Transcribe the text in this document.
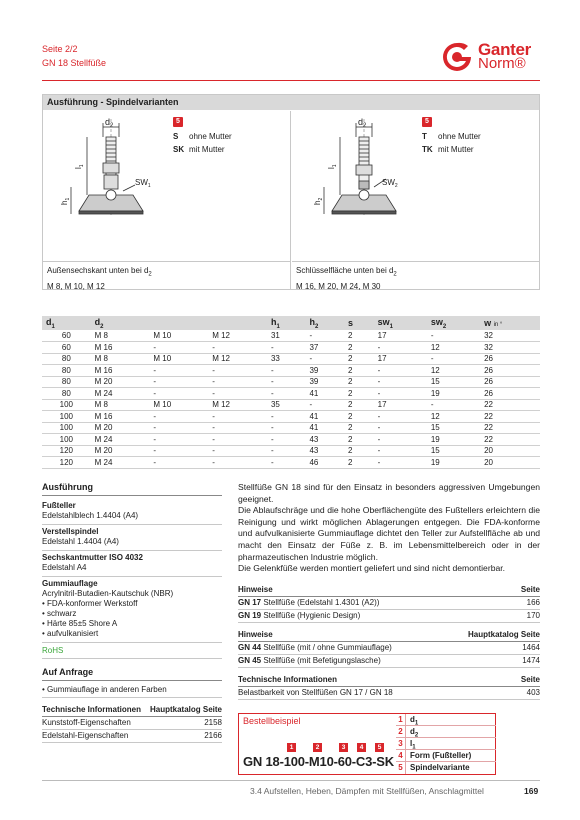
Seite 2/2
GN 18 Stellfüße
Ganter
Norm®
Ausführung - Spindelvarianten
$d_2$
$l_1$
$SW_1$
$h_1$
5
S ohne Mutter
SK mit Mutter
Außensechskant unten bei $d_2$
M 8, M 10, M 12
$d_2$
$l_1$
$SW_2$
$h_2$
5
T ohne Mutter
TK mit Mutter
Schlüsselfläche unten bei $d_2$
M 16, M 20, M 24, M 30
$d_1$	$d_2$			$h_1$	$h_2$	s	$sw_1$	$sw_2$	w in °
60	M 8	M 10	M 12	31	-	2	17	-	32
60	M 16	-	-	-	37	2	-	12	32
80	M 8	M 10	M 12	33	-	2	17	-	26
80	M 16	-	-	-	39	2	-	12	26
80	M 20	-	-	-	39	2	-	15	26
80	M 24	-	-	-	41	2	-	19	26
100	M 8	M 10	M 12	35	-	2	17	-	22
100	M 16	-	-	-	41	2	-	12	22
100	M 20	-	-	-	41	2	-	15	22
100	M 24	-	-	-	43	2	-	19	22
120	M 20	-	-	-	43	2	-	15	20
120	M 24	-	-	-	46	2	-	19	20
Ausführung
Fußteller
Edelstahlblech 1.4404 (A4)
Verstellspindel
Edelstahl 1.4404 (A4)
Sechskantmutter ISO 4032
Edelstahl A4
Gummiauflage
Acrylnitril-Butadien-Kautschuk (NBR)
• FDA-konformer Werkstoff
• schwarz
• Härte 85±5 Shore A
• aufvulkanisiert
RoHS
Auf Anfrage
• Gummiauflage in anderen Farben
Technische Informationen Hauptkatalog Seite
Kunststoff-Eigenschaften	2158
Edelstahl-Eigenschaften	2166

Stellfüße GN 18 sind für den Einsatz in besonders aggressiven Umgebungen geeignet.

Die Ablaufschräge und die hohe Oberflächengüte des Fußtellers erleichtern die Reinigung und wirkt möglichen Ablagerungen entgegen. Die FDA-konforme und aufvulkanisierte Gummiauflage dichtet den Teller zur Aufstellfläche ab und macht den Einsatz der Füße z. B. im Lebensmittelbereich oder in der pharmazeutischen Industrie möglich.

Die Gelenkfüße werden montiert geliefert und sind nicht demontierbar.

Hinweise	Seite
GN 17 Stellfüße (Edelstahl 1.4301 (A2))	166
GN 19 Stellfüße (Hygienic Design)	170
Hinweise	Hauptkatalog Seite
GN 44 Stellfüße (mit / ohne Gummiauflage)	1464
GN 45 Stellfüße (mit Befetigungslasche)	1474
Technische Informationen	Seite
Belastbarkeit von Stellfüßen GN 17 / GN 18	403
Bestellbeispiel
1	2	3	4	5
GN 18-100-M10-60-C3-SK
1 $d_1$
2 $d_2$
3 $l_1$
4 Form (Fußteller)
5 Spindelvariante
3.4 Aufstellen, Heben, Dämpfen mit Stellfüßen, Anschlagmittel	169
